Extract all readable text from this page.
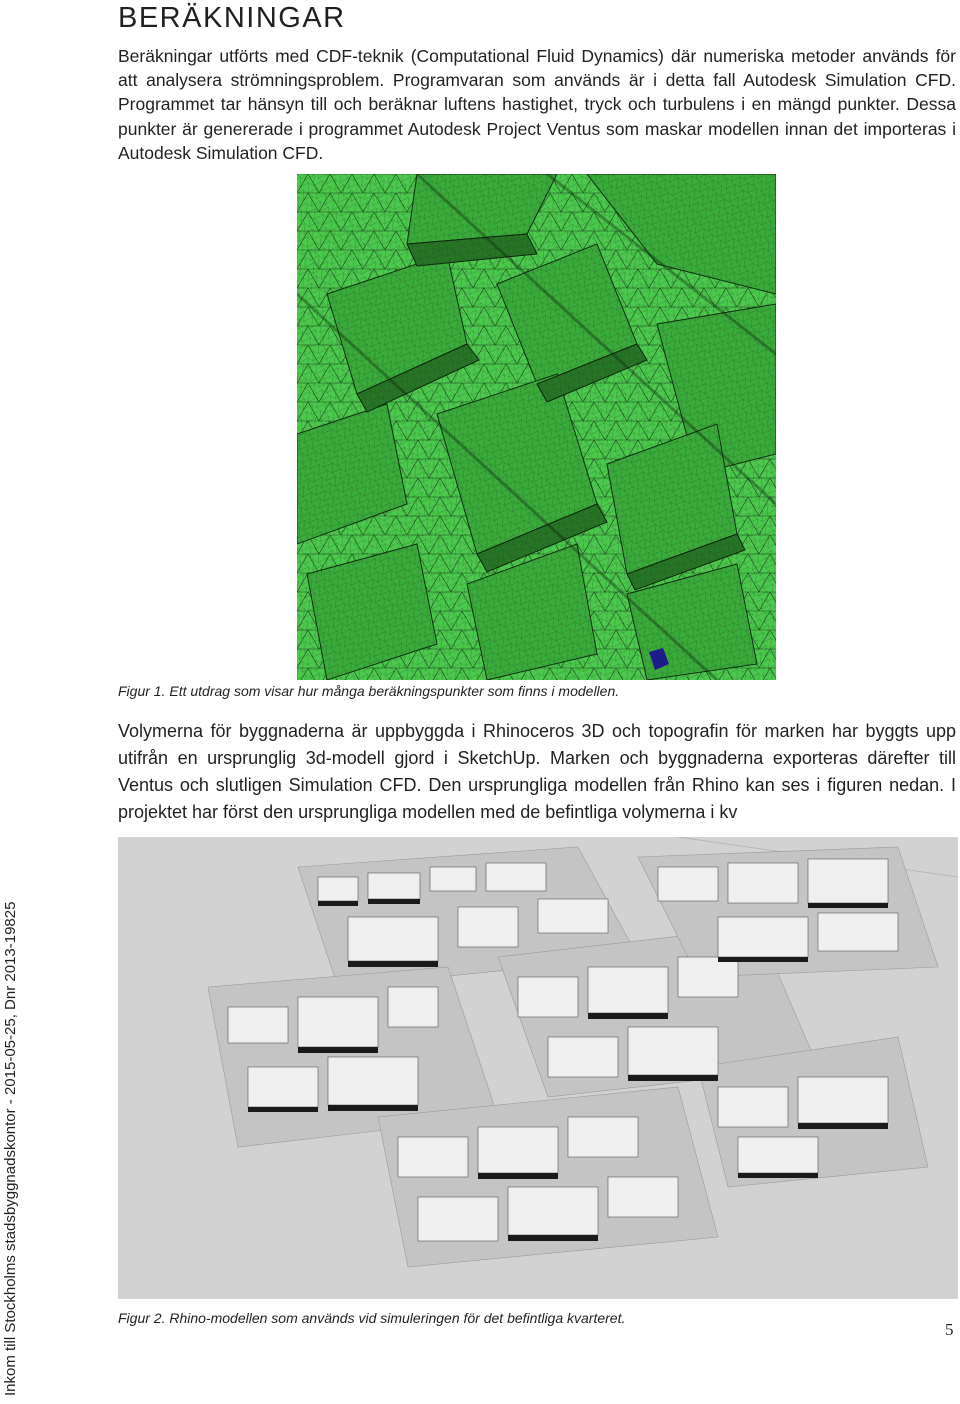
BERÄKNINGAR

Beräkningar utförts med CDF-teknik (Computational Fluid Dynamics) där numeriska metoder används för att analysera strömningsproblem. Programvaran som används är i detta fall Autodesk Simulation CFD. Programmet tar hänsyn till och beräknar luftens hastighet, tryck och turbulens i en mängd punkter. Dessa punkter är genererade i programmet Autodesk Project Ventus som maskar modellen innan det importeras i Autodesk Simulation CFD.

Figur 1. Ett utdrag som visar hur många beräkningspunkter som finns i modellen.

Volymerna för byggnaderna är uppbyggda i Rhinoceros 3D och topografin för marken har byggts upp utifrån en ursprunglig 3d-modell gjord i SketchUp. Marken och byggnaderna exporteras därefter till Ventus och slutligen Simulation CFD. Den ursprungliga modellen från Rhino kan ses i figuren nedan. I projektet har först den ursprungliga modellen med de befintliga volymerna i kv

Figur 2. Rhino-modellen som används vid simuleringen för det befintliga kvarteret.

5
Inkom till Stockholms stadsbyggnadskontor - 2015-05-25, Dnr 2013-19825
